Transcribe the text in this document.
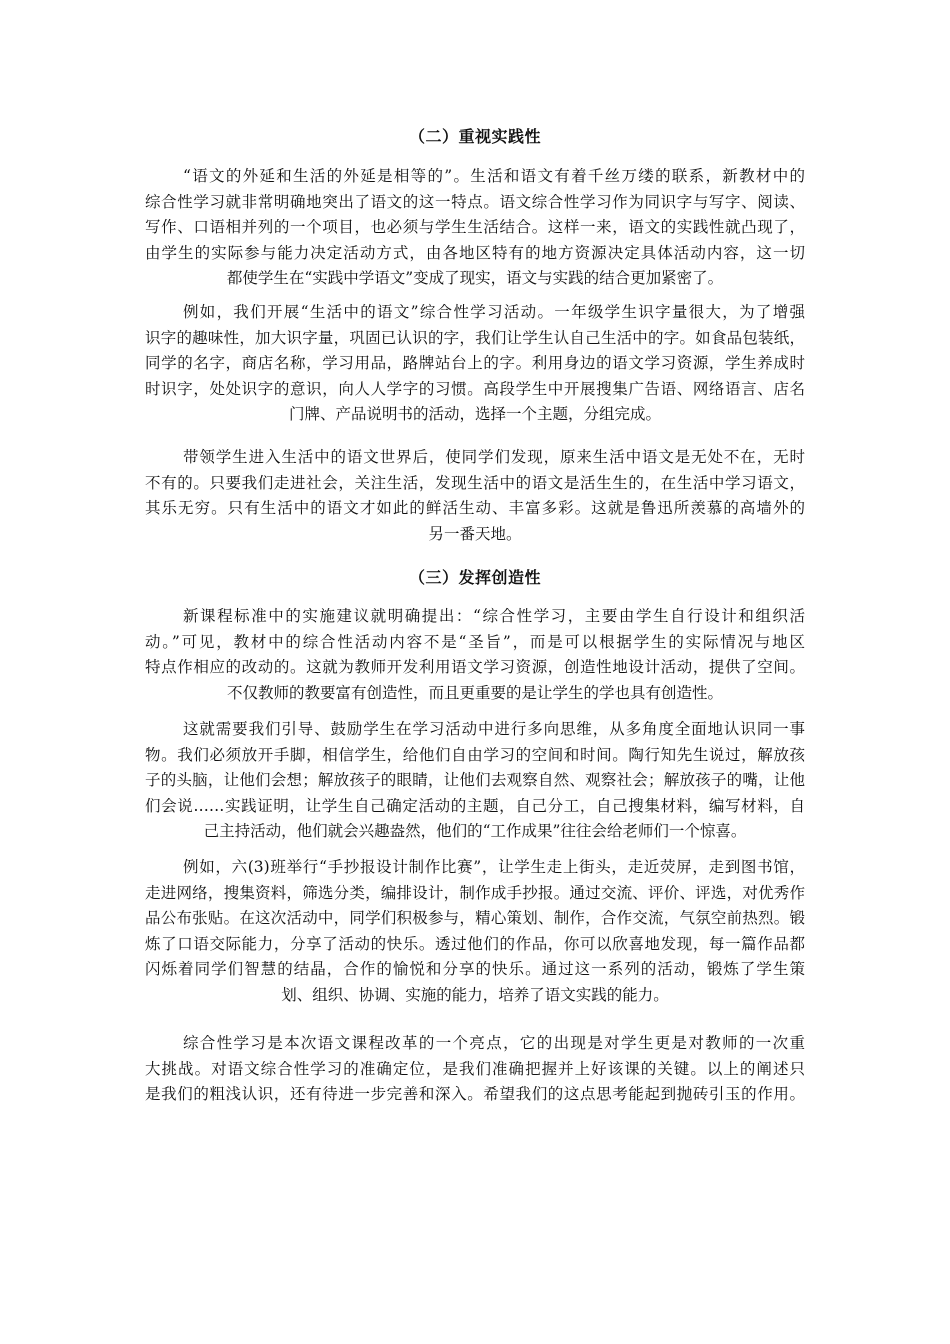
（二）重视实践性

“语文的外延和生活的外延是相等的”。生活和语文有着千丝万缕的联系，新教材中的
综合性学习就非常明确地突出了语文的这一特点。语文综合性学习作为同识字与写字、阅读、
写作、口语相并列的一个项目，也必须与学生生活结合。这样一来，语文的实践性就凸现了，
由学生的实际参与能力决定活动方式，由各地区特有的地方资源决定具体活动内容，这一切
都使学生在“实践中学语文”变成了现实，语文与实践的结合更加紧密了。

例如，我们开展“生活中的语文”综合性学习活动。一年级学生识字量很大，为了增强
识字的趣味性，加大识字量，巩固已认识的字，我们让学生认自己生活中的字。如食品包装纸，
同学的名字，商店名称，学习用品，路牌站台上的字。利用身边的语文学习资源，学生养成时
时识字，处处识字的意识，向人人学字的习惯。高段学生中开展搜集广告语、网络语言、店名
门牌、产品说明书的活动，选择一个主题，分组完成。

带领学生进入生活中的语文世界后，使同学们发现，原来生活中语文是无处不在，无时
不有的。只要我们走进社会，关注生活，发现生活中的语文是活生生的，在生活中学习语文，
其乐无穷。只有生活中的语文才如此的鲜活生动、丰富多彩。这就是鲁迅所羡慕的高墙外的
另一番天地。

（三）发挥创造性

新课程标准中的实施建议就明确提出：“综合性学习，主要由学生自行设计和组织活
动。”可见，教材中的综合性活动内容不是“圣旨”，而是可以根据学生的实际情况与地区
特点作相应的改动的。这就为教师开发利用语文学习资源，创造性地设计活动，提供了空间。
不仅教师的教要富有创造性，而且更重要的是让学生的学也具有创造性。

这就需要我们引导、鼓励学生在学习活动中进行多向思维，从多角度全面地认识同一事
物。我们必须放开手脚，相信学生，给他们自由学习的空间和时间。陶行知先生说过，解放孩
子的头脑，让他们会想；解放孩子的眼睛，让他们去观察自然、观察社会；解放孩子的嘴，让他
们会说……实践证明，让学生自己确定活动的主题，自己分工，自己搜集材料，编写材料，自
己主持活动，他们就会兴趣盎然，他们的“工作成果”往往会给老师们一个惊喜。

例如，六(3)班举行“手抄报设计制作比赛”，让学生走上街头，走近荧屏，走到图书馆，
走进网络，搜集资料，筛选分类，编排设计，制作成手抄报。通过交流、评价、评选，对优秀作
品公布张贴。在这次活动中，同学们积极参与，精心策划、制作，合作交流，气氛空前热烈。锻
炼了口语交际能力，分享了活动的快乐。透过他们的作品，你可以欣喜地发现，每一篇作品都
闪烁着同学们智慧的结晶，合作的愉悦和分享的快乐。通过这一系列的活动，锻炼了学生策
划、组织、协调、实施的能力，培养了语文实践的能力。

综合性学习是本次语文课程改革的一个亮点，它的出现是对学生更是对教师的一次重
大挑战。对语文综合性学习的准确定位，是我们准确把握并上好该课的关键。以上的阐述只
是我们的粗浅认识，还有待进一步完善和深入。希望我们的这点思考能起到抛砖引玉的作用。
